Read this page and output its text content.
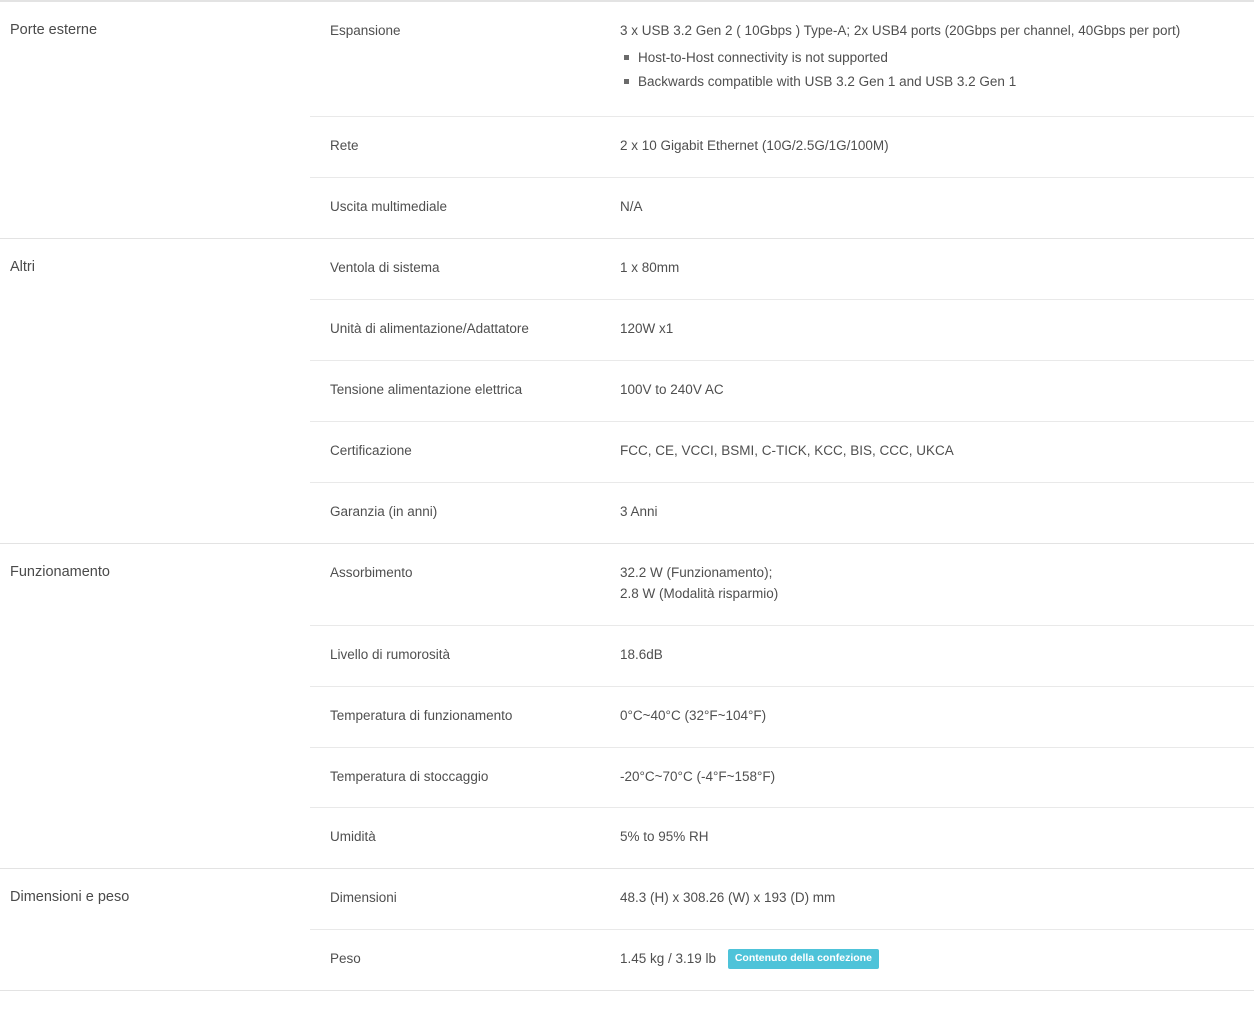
Porte esterne	Espansione	3 x USB 3.2 Gen 2 ( 10Gbps ) Type-A; 2x USB4 ports (20Gbps per channel, 40Gbps per port)
Host-to-Host connectivity is not supported
Backwards compatible with USB 3.2 Gen 1 and USB 3.2 Gen 1

	Rete	2 x 10 Gigabit Ethernet (10G/2.5G/1G/100M)

	Uscita multimediale	N/A

Altri	Ventola di sistema	1 x 80mm

	Unità di alimentazione/Adattatore	120W x1

	Tensione alimentazione elettrica	100V to 240V AC

	Certificazione	FCC, CE, VCCI, BSMI, C-TICK, KCC, BIS, CCC, UKCA

	Garanzia (in anni)	3 Anni

Funzionamento	Assorbimento	32.2 W (Funzionamento);
2.8 W (Modalità risparmio)

	Livello di rumorosità	18.6dB

	Temperatura di funzionamento	0°C~40°C (32°F~104°F)

	Temperatura di stoccaggio	-20°C~70°C (-4°F~158°F)

	Umidità	5% to 95% RH

Dimensioni e peso	Dimensioni	48.3 (H) x 308.26 (W) x 193 (D) mm

	Peso	1.45 kg / 3.19 lb Contenuto della confezione
